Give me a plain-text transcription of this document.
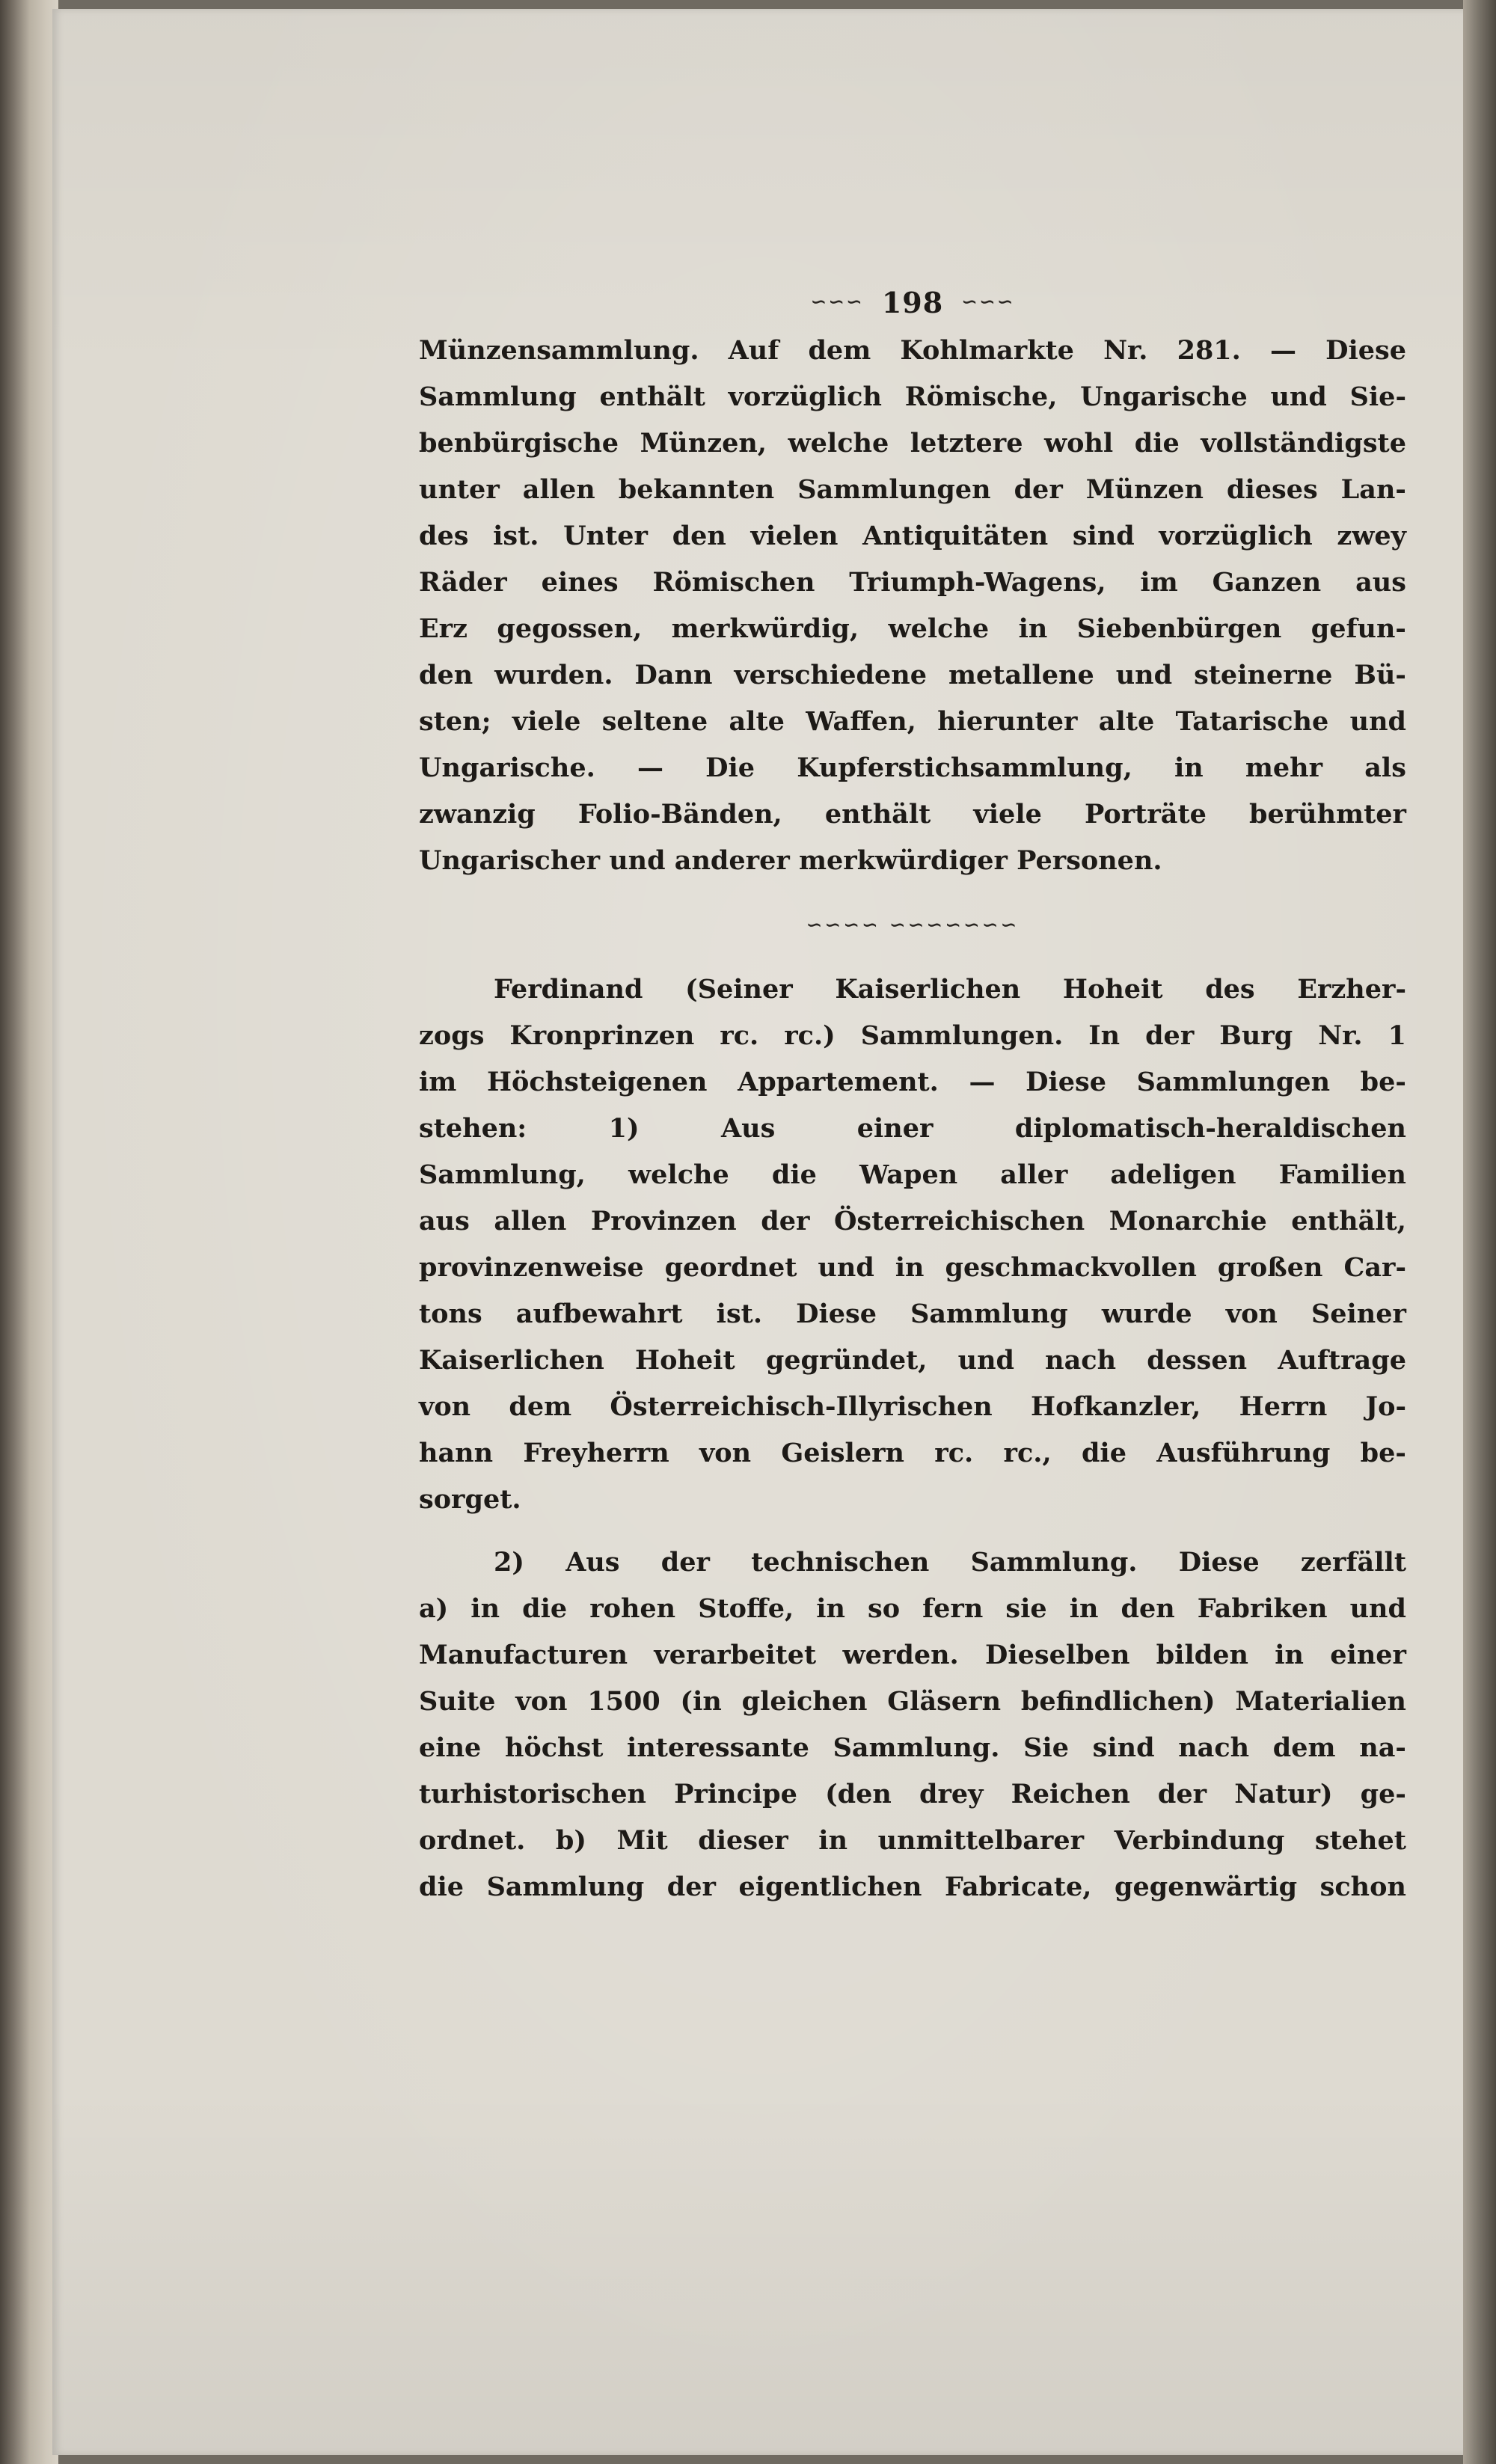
∽∽∽ 198 ∽∽∽
Münzensammlung. Auf dem Kohlmarkte Nr. 281. — Diese
Sammlung enthält vorzüglich Römische, Ungarische und Sie-
benbürgische Münzen, welche letztere wohl die vollständigste
unter allen bekannten Sammlungen der Münzen dieses Lan-
des ist. Unter den vielen Antiquitäten sind vorzüglich zwey
Räder eines Römischen Triumph-Wagens, im Ganzen aus
Erz gegossen, merkwürdig, welche in Siebenbürgen gefun-
den wurden. Dann verschiedene metallene und steinerne Bü-
sten; viele seltene alte Waffen, hierunter alte Tatarische und
Ungarische. — Die Kupferstichsammlung, in mehr als
zwanzig Folio-Bänden, enthält viele Porträte berühmter
Ungarischer und anderer merkwürdiger Personen.
∽∽∽∽ ∽∽∽∽∽∽∽
Ferdinand (Seiner Kaiserlichen Hoheit des Erzher-
zogs Kronprinzen rc. rc.) Sammlungen. In der Burg Nr. 1
im Höchsteigenen Appartement. — Diese Sammlungen be-
stehen:	1)	Aus	einer	diplomatisch-heraldischen
Sammlung, welche die Wapen aller adeligen Familien
aus allen Provinzen der Österreichischen Monarchie enthält,
provinzenweise geordnet und in geschmackvollen großen Car-
tons aufbewahrt ist. Diese Sammlung wurde von Seiner
Kaiserlichen Hoheit gegründet, und nach dessen Auftrage
von dem Österreichisch-Illyrischen Hofkanzler, Herrn Jo-
hann Freyherrn von Geislern rc. rc., die Ausführung be-
sorget.
2) Aus der technischen Sammlung. Diese zerfällt
a) in die rohen Stoffe, in so fern sie in den Fabriken und
Manufacturen verarbeitet werden. Dieselben bilden in einer
Suite von 1500 (in gleichen Gläsern befindlichen) Materialien
eine höchst interessante Sammlung. Sie sind nach dem na-
turhistorischen Principe (den drey Reichen der Natur) ge-
ordnet. b) Mit dieser in unmittelbarer Verbindung stehet
die Sammlung der eigentlichen Fabricate, gegenwärtig schon
